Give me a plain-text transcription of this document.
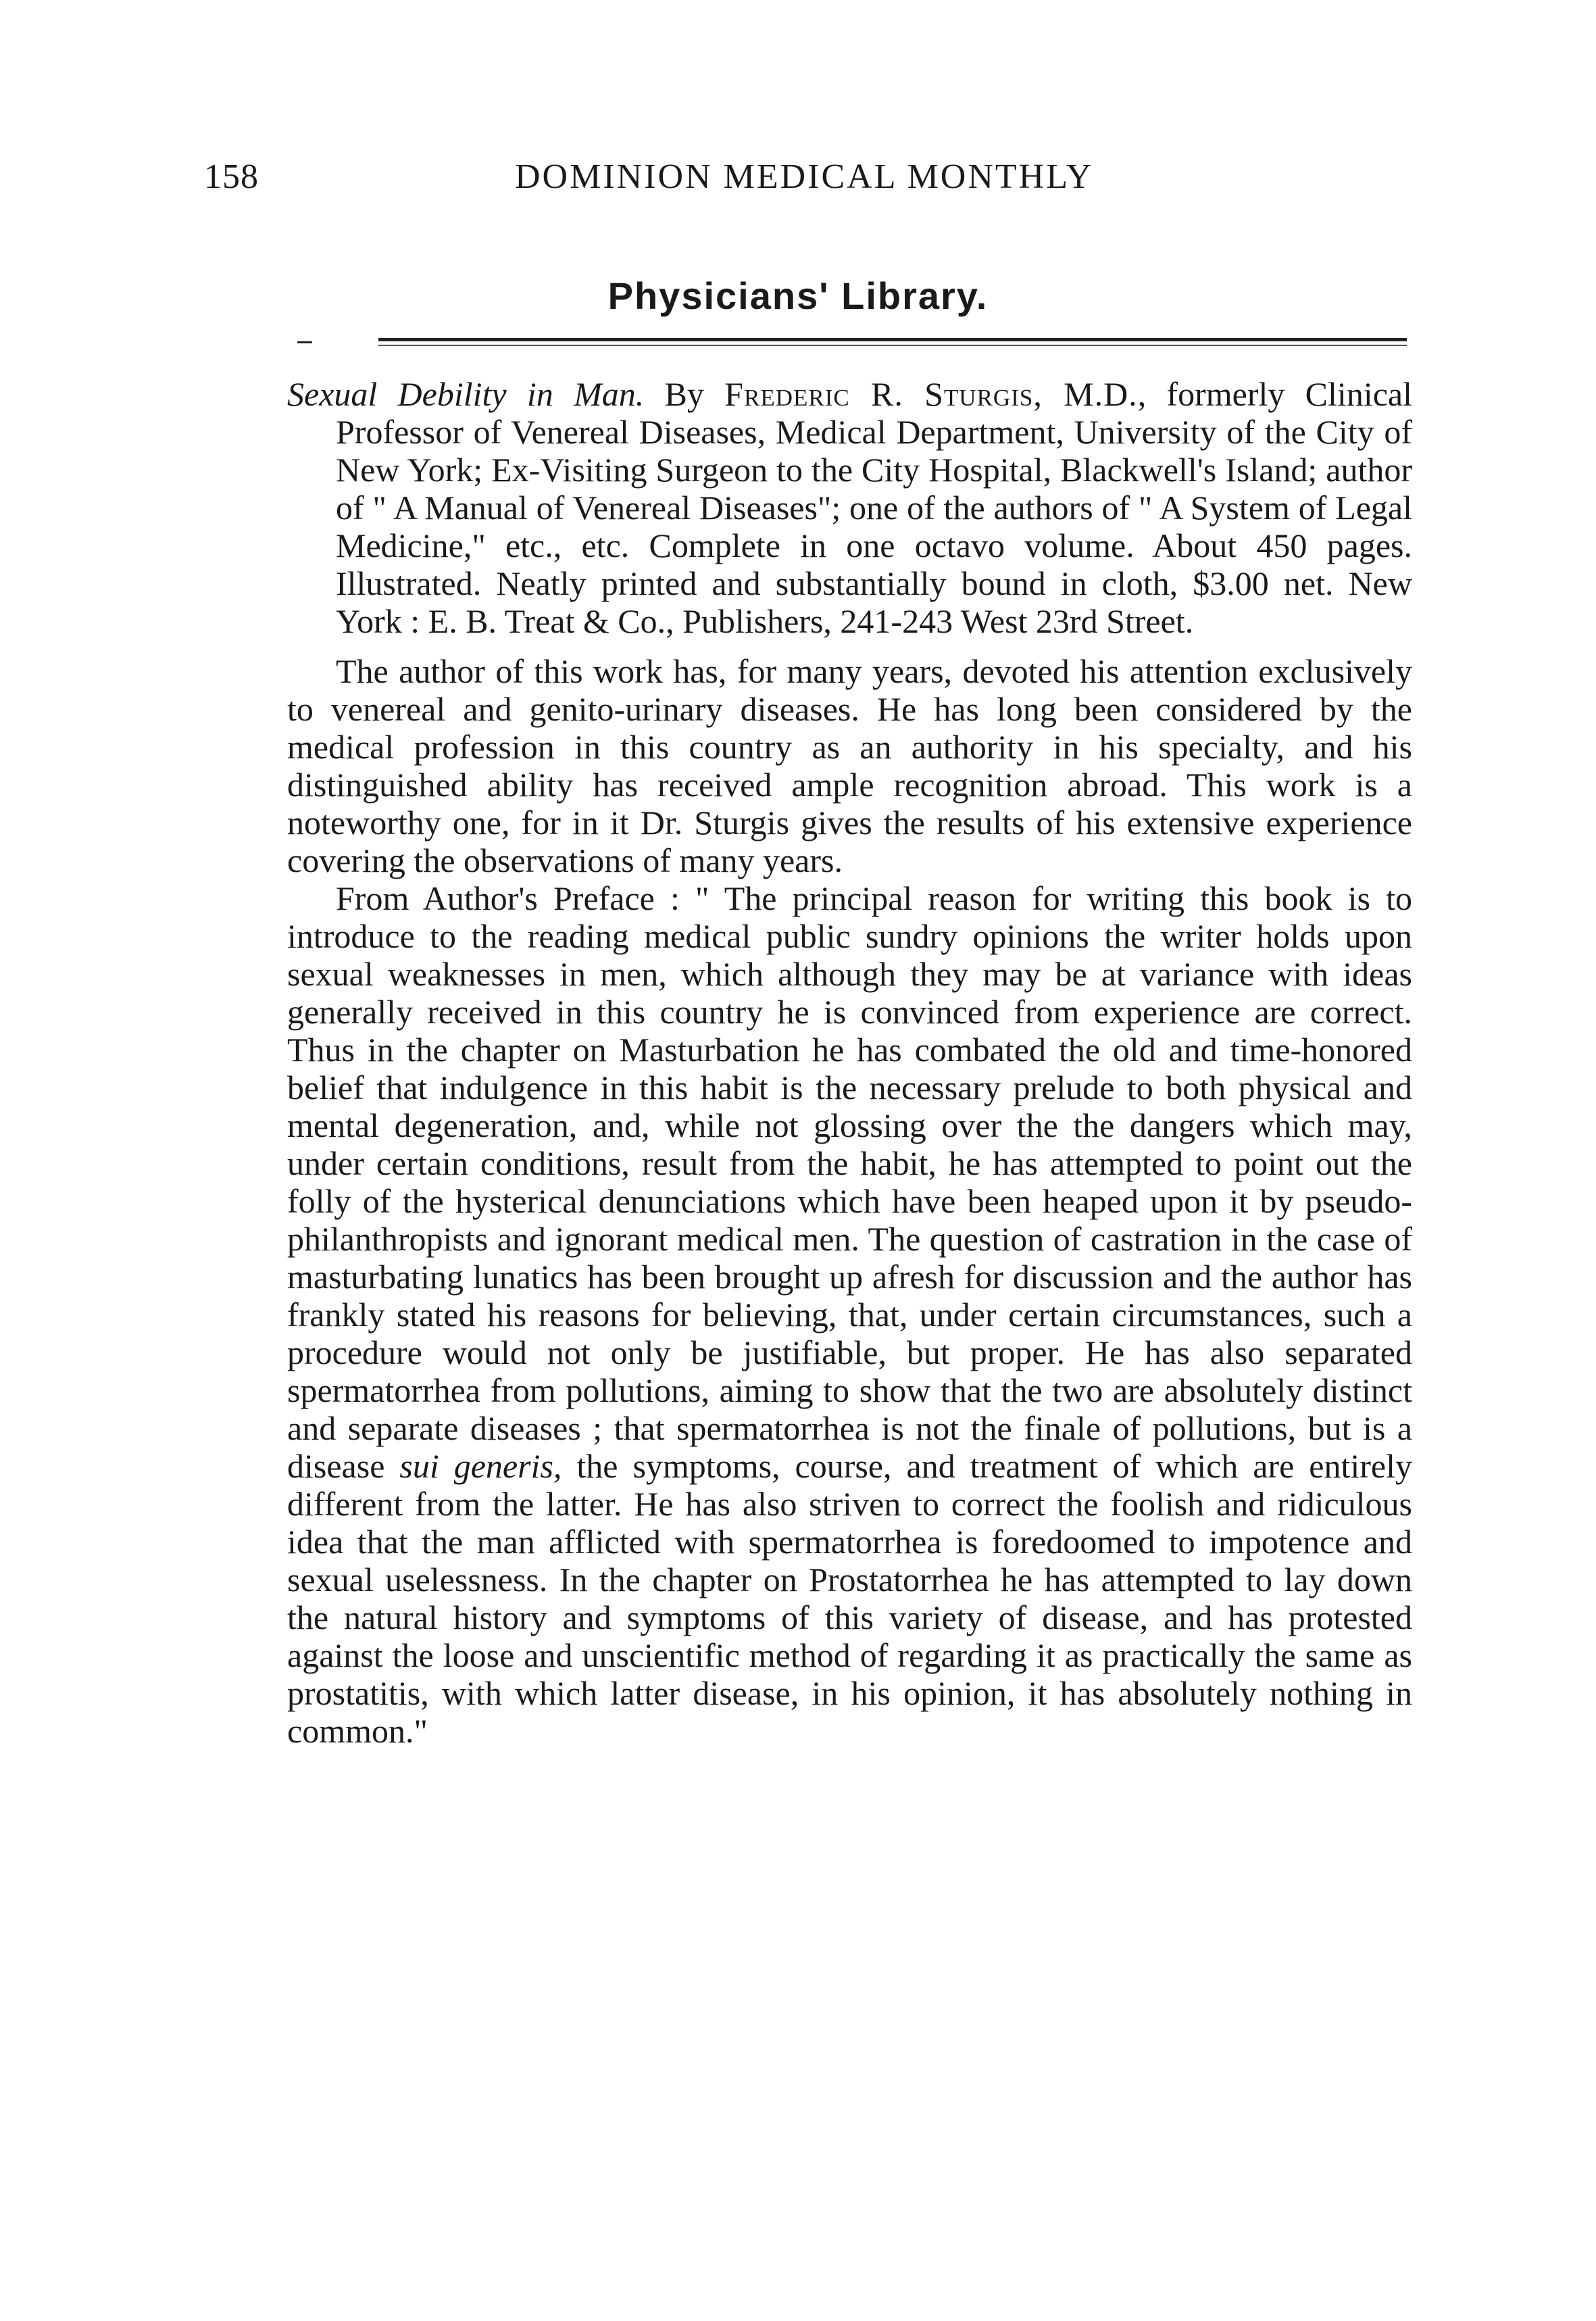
158	DOMINION MEDICAL MONTHLY
Physicians' Library.

Sexual Debility in Man. By Frederic R. Sturgis, M.D., formerly Clinical Professor of Venereal Diseases, Medical Department, University of the City of New York; Ex-Visiting Surgeon to the City Hospital, Blackwell's Island; author of " A Manual of Venereal Diseases"; one of the authors of " A System of Legal Medicine," etc., etc. Complete in one octavo volume. About 450 pages. Illustrated. Neatly printed and substantially bound in cloth, $3.00 net. New York : E. B. Treat & Co., Publishers, 241-243 West 23rd Street.

The author of this work has, for many years, devoted his attention exclusively to venereal and genito-urinary diseases. He has long been considered by the medical profession in this country as an authority in his specialty, and his distinguished ability has received ample recognition abroad. This work is a noteworthy one, for in it Dr. Sturgis gives the results of his extensive experience covering the observations of many years.

From Author's Preface : " The principal reason for writing this book is to introduce to the reading medical public sundry opinions the writer holds upon sexual weaknesses in men, which although they may be at variance with ideas generally received in this country he is convinced from experience are correct. Thus in the chapter on Masturbation he has combated the old and time-honored belief that indulgence in this habit is the necessary prelude to both physical and mental degeneration, and, while not glossing over the the dangers which may, under certain conditions, result from the habit, he has attempted to point out the folly of the hysterical denunciations which have been heaped upon it by pseudo-philanthropists and ignorant medical men. The question of castration in the case of masturbating lunatics has been brought up afresh for discussion and the author has frankly stated his reasons for believing, that, under certain circumstances, such a procedure would not only be justifiable, but proper. He has also separated spermatorrhea from pollutions, aiming to show that the two are absolutely distinct and separate diseases ; that spermatorrhea is not the finale of pollutions, but is a disease sui generis, the symptoms, course, and treatment of which are entirely different from the latter. He has also striven to correct the foolish and ridiculous idea that the man afflicted with spermatorrhea is foredoomed to impotence and sexual uselessness. In the chapter on Prostatorrhea he has attempted to lay down the natural history and symptoms of this variety of disease, and has protested against the loose and unscientific method of regarding it as practically the same as prostatitis, with which latter disease, in his opinion, it has absolutely nothing in common."
